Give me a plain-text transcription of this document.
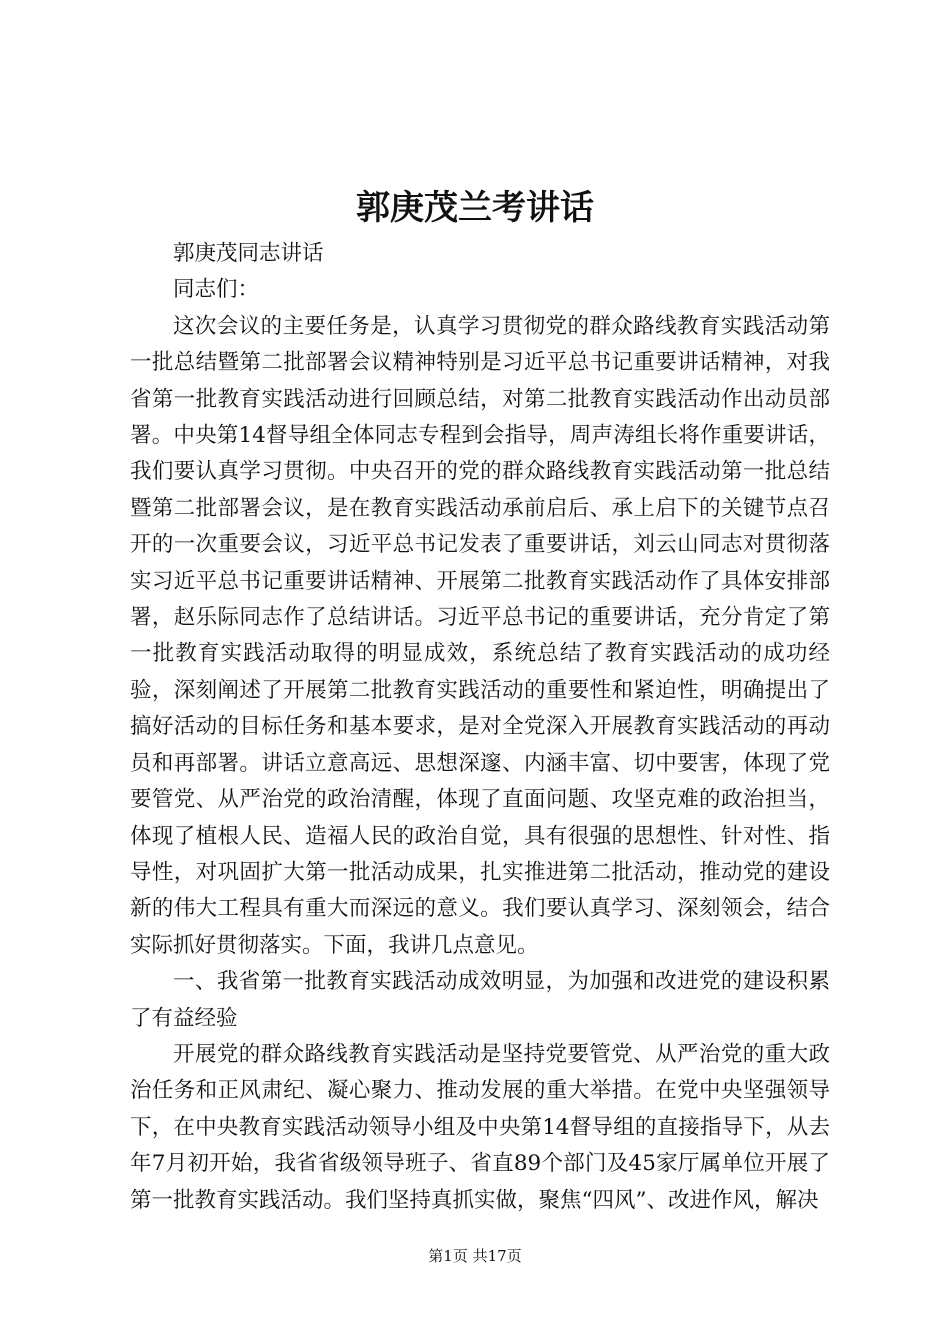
郭庚茂兰考讲话

郭庚茂同志讲话

同志们：

这次会议的主要任务是，认真学习贯彻党的群众路线教育实践活动第一批总结暨第二批部署会议精神特别是习近平总书记重要讲话精神，对我省第一批教育实践活动进行回顾总结，对第二批教育实践活动作出动员部署。中央第14督导组全体同志专程到会指导，周声涛组长将作重要讲话，我们要认真学习贯彻。中央召开的党的群众路线教育实践活动第一批总结暨第二批部署会议，是在教育实践活动承前启后、承上启下的关键节点召开的一次重要会议，习近平总书记发表了重要讲话，刘云山同志对贯彻落实习近平总书记重要讲话精神、开展第二批教育实践活动作了具体安排部署，赵乐际同志作了总结讲话。习近平总书记的重要讲话，充分肯定了第一批教育实践活动取得的明显成效，系统总结了教育实践活动的成功经验，深刻阐述了开展第二批教育实践活动的重要性和紧迫性，明确提出了搞好活动的目标任务和基本要求，是对全党深入开展教育实践活动的再动员和再部署。讲话立意高远、思想深邃、内涵丰富、切中要害，体现了党要管党、从严治党的政治清醒，体现了直面问题、攻坚克难的政治担当，体现了植根人民、造福人民的政治自觉，具有很强的思想性、针对性、指导性，对巩固扩大第一批活动成果，扎实推进第二批活动，推动党的建设新的伟大工程具有重大而深远的意义。我们要认真学习、深刻领会，结合实际抓好贯彻落实。下面，我讲几点意见。

一、我省第一批教育实践活动成效明显，为加强和改进党的建设积累了有益经验

开展党的群众路线教育实践活动是坚持党要管党、从严治党的重大政治任务和正风肃纪、凝心聚力、推动发展的重大举措。在党中央坚强领导下，在中央教育实践活动领导小组及中央第14督导组的直接指导下，从去年7月初开始，我省省级领导班子、省直89个部门及45家厅属单位开展了第一批教育实践活动。我们坚持真抓实做，聚焦“四风”、改进作风，解决

第1页 共17页
